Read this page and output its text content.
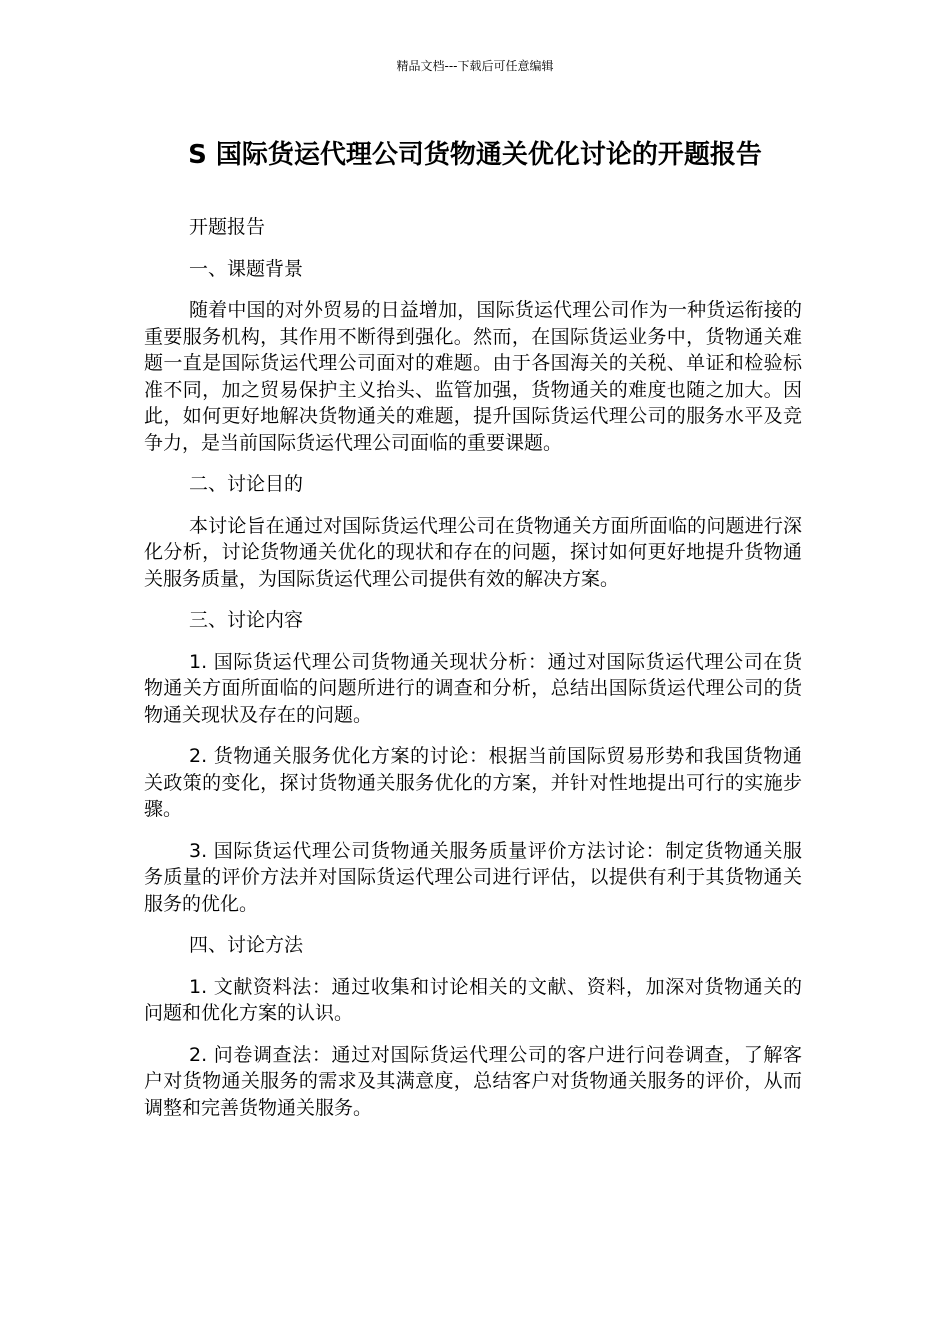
精品文档---下载后可任意编辑
S 国际货运代理公司货物通关优化讨论的开题报告

开题报告

一、课题背景

随着中国的对外贸易的日益增加，国际货运代理公司作为一种货运衔接的重要服务机构，其作用不断得到强化。然而，在国际货运业务中，货物通关难题一直是国际货运代理公司面对的难题。由于各国海关的关税、单证和检验标准不同，加之贸易保护主义抬头、监管加强，货物通关的难度也随之加大。因此，如何更好地解决货物通关的难题，提升国际货运代理公司的服务水平及竞争力，是当前国际货运代理公司面临的重要课题。

二、讨论目的

本讨论旨在通过对国际货运代理公司在货物通关方面所面临的问题进行深化分析，讨论货物通关优化的现状和存在的问题，探讨如何更好地提升货物通关服务质量，为国际货运代理公司提供有效的解决方案。

三、讨论内容

1. 国际货运代理公司货物通关现状分析：通过对国际货运代理公司在货物通关方面所面临的问题所进行的调查和分析，总结出国际货运代理公司的货物通关现状及存在的问题。

2. 货物通关服务优化方案的讨论：根据当前国际贸易形势和我国货物通关政策的变化，探讨货物通关服务优化的方案，并针对性地提出可行的实施步骤。

3. 国际货运代理公司货物通关服务质量评价方法讨论：制定货物通关服务质量的评价方法并对国际货运代理公司进行评估，以提供有利于其货物通关服务的优化。

四、讨论方法

1. 文献资料法：通过收集和讨论相关的文献、资料，加深对货物通关的问题和优化方案的认识。

2. 问卷调查法：通过对国际货运代理公司的客户进行问卷调查，了解客户对货物通关服务的需求及其满意度，总结客户对货物通关服务的评价，从而调整和完善货物通关服务。
